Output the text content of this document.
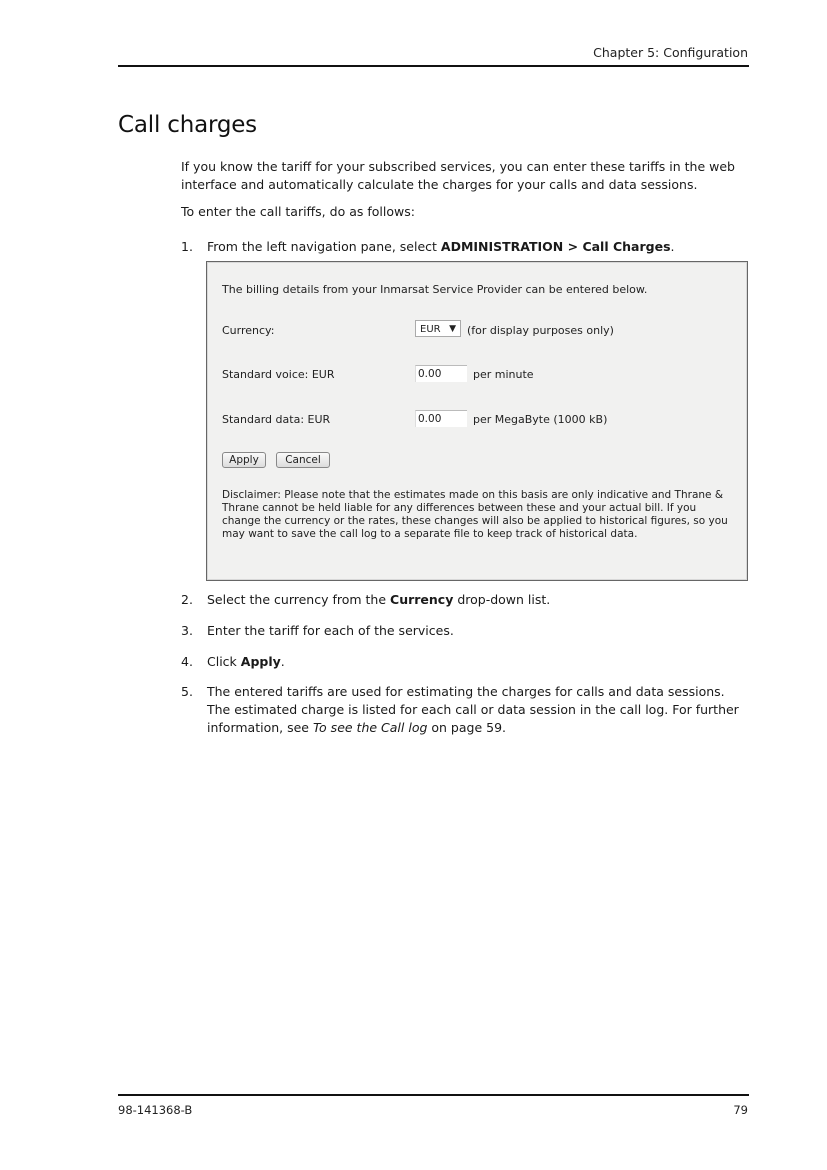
Chapter 5: Configuration
Call charges
If you know the tariff for your subscribed services, you can enter these tariffs in the web interface and automatically calculate the charges for your calls and data sessions.
To enter the call tariffs, do as follows:
1. From the left navigation pane, select ADMINISTRATION > Call Charges.
The billing details from your Inmarsat Service Provider can be entered below.
Currency:	EUR ▼ (for display purposes only)
Standard voice: EUR	0.00	per minute
Standard data: EUR	0.00	per MegaByte (1000 kB)
Apply	Cancel
Disclaimer: Please note that the estimates made on this basis are only indicative and Thrane & Thrane cannot be held liable for any differences between these and your actual bill. If you change the currency or the rates, these changes will also be applied to historical figures, so you may want to save the call log to a separate file to keep track of historical data.
2. Select the currency from the Currency drop-down list.
3. Enter the tariff for each of the services.
4. Click Apply.
5. The entered tariffs are used for estimating the charges for calls and data sessions. The estimated charge is listed for each call or data session in the call log. For further information, see To see the Call log on page 59.
98-141368-B	79
